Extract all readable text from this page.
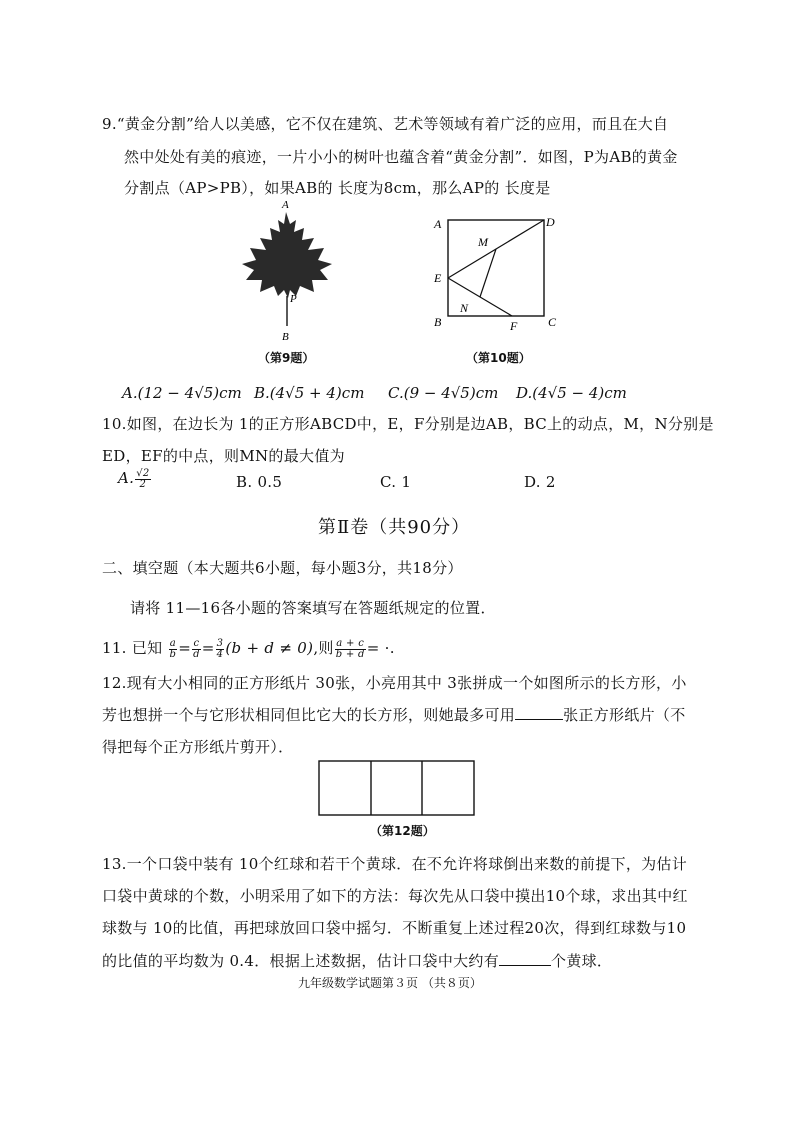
9.“黄金分割”给人以美感，它不仅在建筑、艺术等领域有着广泛的应用，而且在大自
然中处处有美的痕迹，一片小小的树叶也蕴含着“黄金分割”．如图，P为AB的黄金
分割点（AP>PB），如果AB的 长度为8cm，那么AP的 长度是
A
P
B
（第9题）
A	D
M
E
N
B	F	C
（第10题）
A.(12 − 4√5)cm B.(4√5 + 4)cm C.(9 − 4√5)cm D.(4√5 − 4)cm
10.如图，在边长为 1的正方形ABCD中，E，F分别是边AB，BC上的动点，M，N分别是
ED，EF的中点，则MN的最大值为
A. $\frac{√2}{2}$	B. 0.5	C. 1	D. 2
第Ⅱ卷（共90分）
二、填空题（本大题共6小题，每小题3分，共18分）
请将 11—16各小题的答案填写在答题纸规定的位置．
11. 已知 $\frac{a}{b} = \frac{c}{d} = \frac{3}{4} (b + d \ne 0)$,则 $\frac{a + c}{b + d}$ = ·.
12.现有大小相同的正方形纸片 30张，小亮用其中 3张拼成一个如图所示的长方形，小
芳也想拼一个与它形状相同但比它大的长方形，则她最多可用	张正方形纸片（不
得把每个正方形纸片剪开）．
（第12题）
13.一个口袋中装有 10个红球和若干个黄球．在不允许将球倒出来数的前提下，为估计
口袋中黄球的个数，小明采用了如下的方法：每次先从口袋中摸出10个球，求出其中红
球数与 10的比值，再把球放回口袋中摇匀．不断重复上述过程20次，得到红球数与10
的比值的平均数为 0.4．根据上述数据，估计口袋中大约有	个黄球．
九年级数学试题第３页 （共８页）
